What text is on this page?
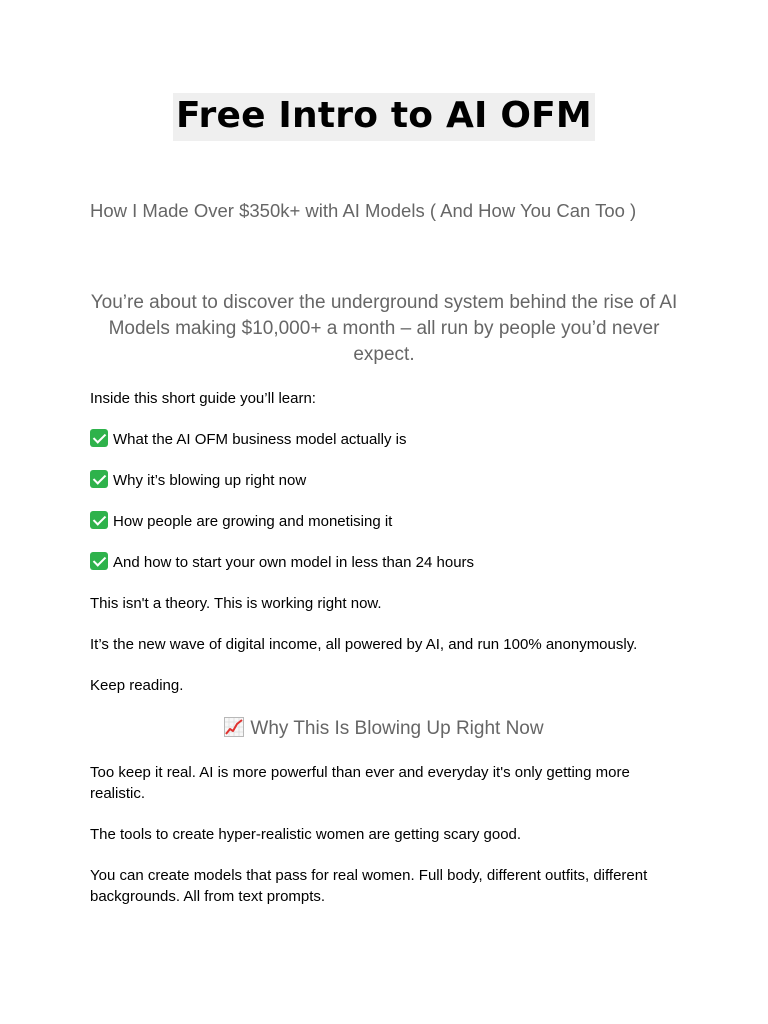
Free Intro to AI OFM
How I Made Over $350k+ with AI Models ( And How You Can Too )
You’re about to discover the underground system behind the rise of AI Models making $10,000+ a month – all run by people you’d never expect.
Inside this short guide you’ll learn:
What the AI OFM business model actually is
Why it’s blowing up right now
How people are growing and monetising it
And how to start your own model in less than 24 hours
This isn't a theory. This is working right now.
It’s the new wave of digital income, all powered by AI, and run 100% anonymously.
Keep reading.
Why This Is Blowing Up Right Now
Too keep it real. AI is more powerful than ever and everyday it's only getting more realistic.
The tools to create hyper-realistic women are getting scary good.
You can create models that pass for real women. Full body, different outfits, different backgrounds. All from text prompts.
